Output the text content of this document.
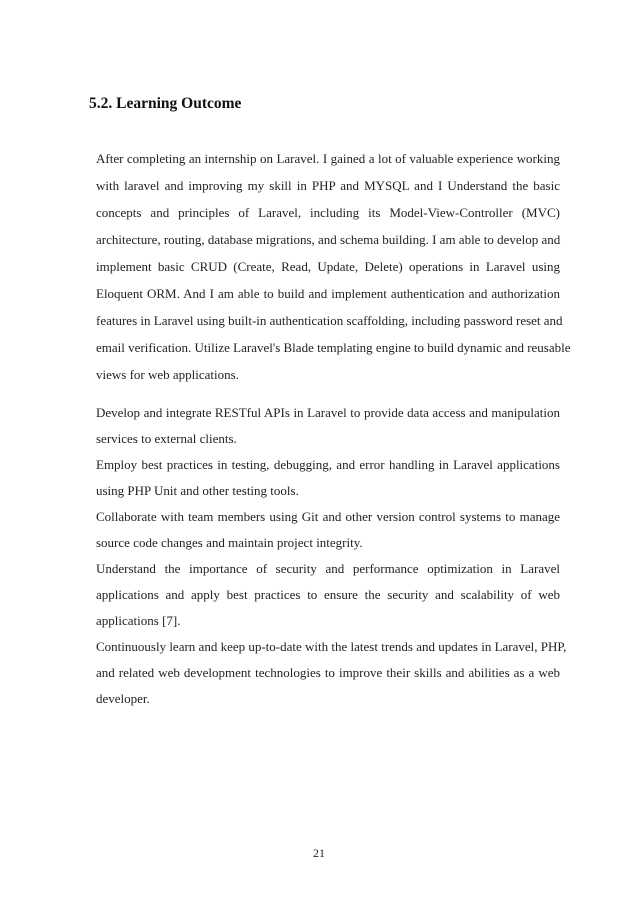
5.2. Learning Outcome
After completing an internship on Laravel. I gained a lot of valuable experience working
with laravel and improving my skill in PHP and MYSQL and I Understand the basic
concepts and principles of Laravel, including its Model-View-Controller (MVC)
architecture, routing, database migrations, and schema building. I am able to develop and
implement basic CRUD (Create, Read, Update, Delete) operations in Laravel using
Eloquent ORM. And I am able to build and implement authentication and authorization
features in Laravel using built-in authentication scaffolding, including password reset and
email verification. Utilize Laravel's Blade templating engine to build dynamic and reusable
views for web applications.
Develop and integrate RESTful APIs in Laravel to provide data access and manipulation
services to external clients.
Employ best practices in testing, debugging, and error handling in Laravel applications
using PHP Unit and other testing tools.
Collaborate with team members using Git and other version control systems to manage
source code changes and maintain project integrity.
Understand the importance of security and performance optimization in Laravel
applications and apply best practices to ensure the security and scalability of web
applications [7].
Continuously learn and keep up-to-date with the latest trends and updates in Laravel, PHP,
and related web development technologies to improve their skills and abilities as a web
developer.
21
